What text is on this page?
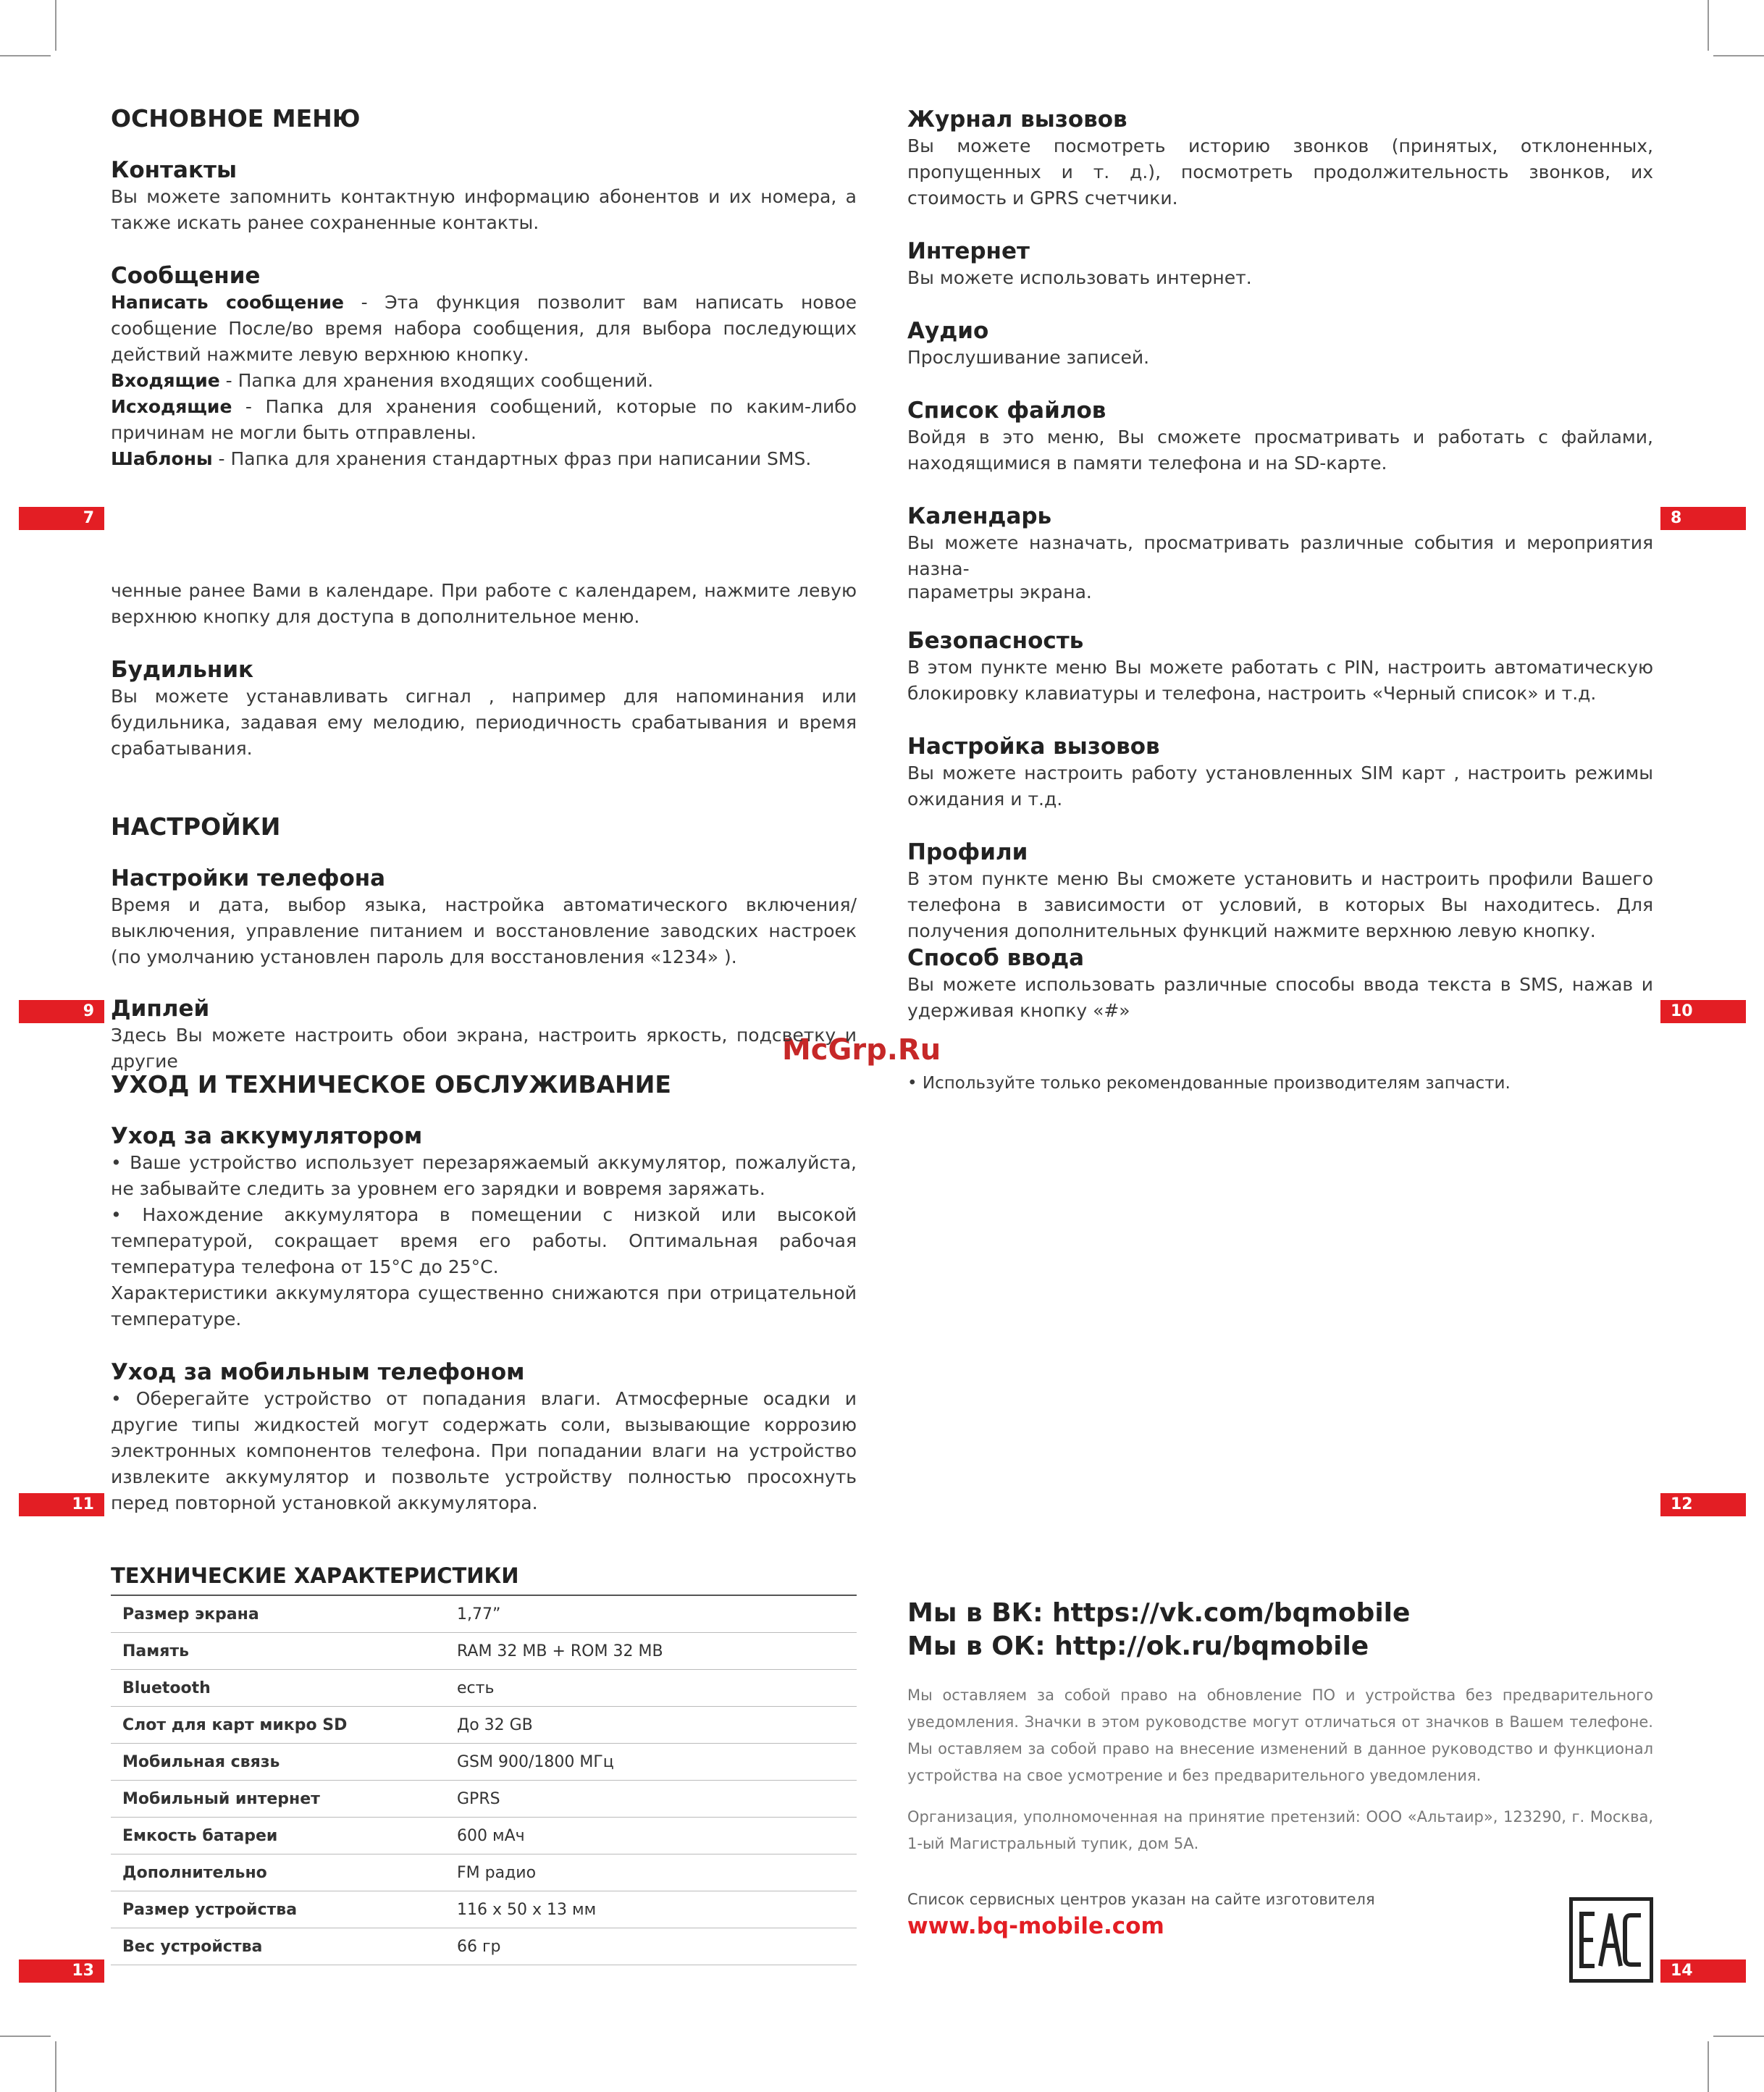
7	8
9	10
11	12
13	14
McGrp.Ru

ОСНОВНОЕ МЕНЮ

Контакты

Вы можете запомнить контактную информацию абонентов и их номера, а также искать ранее сохраненные контакты.

Сообщение

Написать сообщение - Эта функция позволит вам написать новое сообщение После/во время набора сообщения, для выбора последующих действий нажмите левую верхнюю кнопку.

Входящие - Папка для хранения входящих сообщений.

Исходящие - Папка для хранения сообщений, которые по каким-либо причинам не могли быть отправлены.

Шаблоны - Папка для хранения стандартных фраз при написании SMS.

Журнал вызовов

Вы можете посмотреть историю звонков (принятых, отклоненных, пропущенных и т. д.), посмотреть продолжительность звонков, их стоимость и GPRS счетчики.

Интернет

Вы можете использовать интернет.

Аудио

Прослушивание записей.

Список файлов

Войдя в это меню, Вы сможете просматривать и работать с файлами, находящимися в памяти телефона и на SD-карте.

Календарь

Вы можете назначать, просматривать различные события и мероприятия назна-

ченные ранее Вами в календаре. При работе с календарем, нажмите левую верхнюю кнопку для доступа в дополнительное меню.

Будильник

Вы можете устанавливать сигнал , например для напоминания или будильника, задавая ему мелодию, периодичность срабатывания и время срабатывания.

НАСТРОЙКИ

Настройки телефона

Время и дата, выбор языка, настройка автоматического включения/выключения, управление питанием и восстановление заводских настроек (по умолчанию установлен пароль для восстановления «1234» ).

Диплей

Здесь Вы можете настроить обои экрана, настроить яркость, подсветку и другие

параметры экрана.

Безопасность

В этом пункте меню Вы можете работать с PIN, настроить автоматическую блокировку клавиатуры и телефона, настроить «Черный список» и т.д.

Настройка вызовов

Вы можете настроить работу установленных SIM карт , настроить режимы ожидания и т.д.

Профили

В этом пункте меню Вы сможете установить и настроить профили Вашего телефона в зависимости от условий, в которых Вы находитесь. Для получения дополнительных функций нажмите верхнюю левую кнопку.

Способ ввода

Вы можете использовать различные способы ввода текста в SMS, нажав и удерживая кнопку «#»

УХОД И ТЕХНИЧЕСКОЕ ОБСЛУЖИВАНИЕ

Уход за аккумулятором

• Ваше устройство использует перезаряжаемый аккумулятор, пожалуйста, не забывайте следить за уровнем его зарядки и вовремя заряжать.

• Нахождение аккумулятора в помещении с низкой или высокой температурой, сокращает время его работы. Оптимальная рабочая температура телефона от 15°C до 25°C.

Характеристики аккумулятора существенно снижаются при отрицательной температуре.

Уход за мобильным телефоном

• Оберегайте устройство от попадания влаги. Атмосферные осадки и другие типы жидкостей могут содержать соли, вызывающие коррозию электронных компонентов телефона. При попадании влаги на устройство извлеките аккумулятор и позвольте устройству полностью просохнуть перед повторной установкой аккумулятора.

• Используйте только рекомендованные производителям запчасти.

ТЕХНИЧЕСКИЕ ХАРАКТЕРИСТИКИ

Размер экрана	1,77”
Память	RAM 32 MB + ROM 32 MB
Bluetooth	есть
Слот для карт микро SD	До 32 GB
Мобильная связь	GSM 900/1800 МГц
Мобильный интернет	GPRS
Емкость батареи	600 мАч
Дополнительно	FM радио
Размер устройства	116 x 50 x 13 мм
Вес устройства	66 гр

Мы в ВК: https://vk.com/bqmobile

Мы в ОК: http://ok.ru/bqmobile

Мы оставляем за собой право на обновление ПО и устройства без предварительного уведомления. Значки в этом руководстве могут отличаться от значков в Вашем телефоне. Мы оставляем за собой право на внесение изменений в данное руководство и функционал устройства на свое усмотрение и без предварительного уведомления.

Организация, уполномоченная на принятие претензий: ООО «Альтаир», 123290, г. Москва, 1-ый Магистральный тупик, дом 5А.

Список сервисных центров указан на сайте изготовителя

www.bq-mobile.com
